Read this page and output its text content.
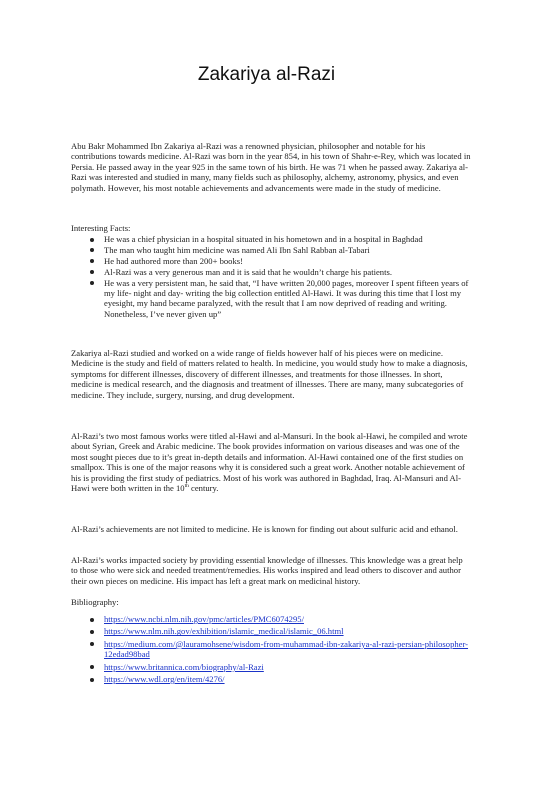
Zakariya al-Razi

Abu Bakr Mohammed Ibn Zakariya al-Razi was a renowned physician, philosopher and notable for his contributions towards medicine. Al-Razi was born in the year 854, in his town of Shahr-e-Rey, which was located in Persia. He passed away in the year 925 in the same town of his birth. He was 71 when he passed away. Zakariya al-Razi was interested and studied in many, many fields such as philosophy, alchemy, astronomy, physics, and even polymath. However, his most notable achievements and advancements were made in the study of medicine.

Interesting Facts:

He was a chief physician in a hospital situated in his hometown and in a hospital in Baghdad
The man who taught him medicine was named Ali Ibn Sahl Rabban al-Tabari
He had authored more than 200+ books!
Al-Razi was a very generous man and it is said that he wouldn’t charge his patients.
He was a very persistent man, he said that, “I have written 20,000 pages, moreover I spent fifteen years of my life- night and day- writing the big collection entitled Al-Hawi. It was during this time that I lost my eyesight, my hand became paralyzed, with the result that I am now deprived of reading and writing. Nonetheless, I’ve never given up”

Zakariya al-Razi studied and worked on a wide range of fields however half of his pieces were on medicine. Medicine is the study and field of matters related to health. In medicine, you would study how to make a diagnosis, symptoms for different illnesses, discovery of different illnesses, and treatments for those illnesses. In short, medicine is medical research, and the diagnosis and treatment of illnesses. There are many, many subcategories of medicine. They include, surgery, nursing, and drug development.

Al-Razi’s two most famous works were titled al-Hawi and al-Mansuri. In the book al-Hawi, he compiled and wrote about Syrian, Greek and Arabic medicine. The book provides information on various diseases and was one of the most sought pieces due to it’s great in-depth details and information. Al-Hawi contained one of the first studies on smallpox. This is one of the major reasons why it is considered such a great work. Another notable achievement of his is providing the first study of pediatrics. Most of his work was authored in Baghdad, Iraq. Al-Mansuri and Al-Hawi were both written in the 10th century.

Al-Razi’s achievements are not limited to medicine. He is known for finding out about sulfuric acid and ethanol.

Al-Razi’s works impacted society by providing essential knowledge of illnesses. This knowledge was a great help to those who were sick and needed treatment/remedies. His works inspired and lead others to discover and author their own pieces on medicine. His impact has left a great mark on medicinal history.

Bibliography:

https://www.ncbi.nlm.nih.gov/pmc/articles/PMC6074295/
https://www.nlm.nih.gov/exhibition/islamic_medical/islamic_06.html
https://medium.com/@lauramohsene/wisdom-from-muhammad-ibn-zakariya-al-razi-persian-philosopher-12edad98bad
https://www.britannica.com/biography/al-Razi
https://www.wdl.org/en/item/4276/
